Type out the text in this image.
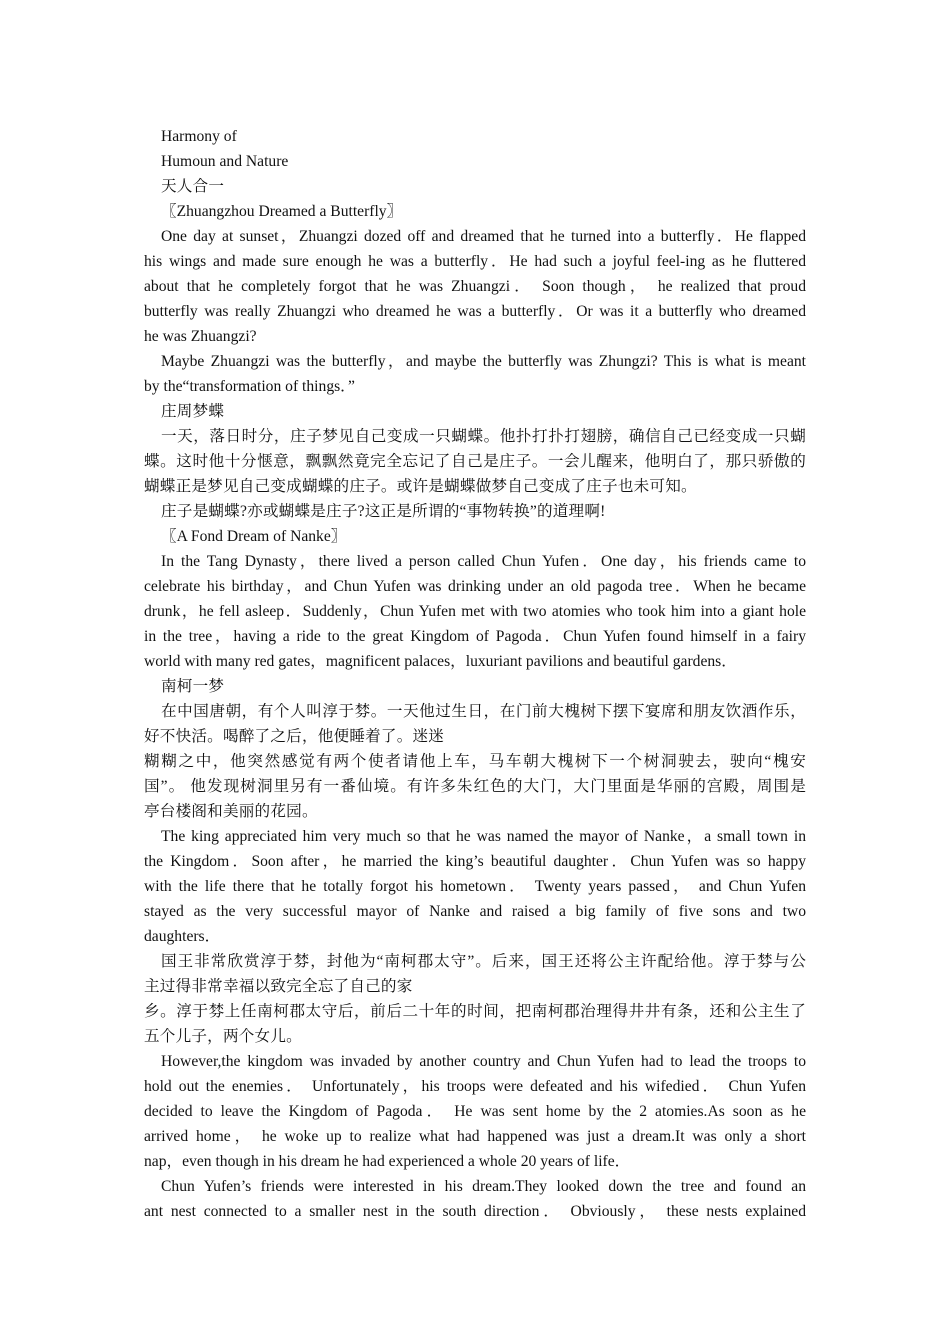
Harmony of
Humoun and Nature
天人合一
〖Zhuangzhou Dreamed a Butterfly〗
One day at sunset，Zhuangzi dozed off and dreamed that he turned into a butterfly．He flapped
his wings and made sure enough he was a butterfly．He had such a joyful feel-ing as he fluttered
about that he completely forgot that he was Zhuangzi． Soon though， he realized that proud
butterfly was really Zhuangzi who dreamed he was a butterfly．Or was it a butterfly who dreamed
he was Zhuangzi?
Maybe Zhuangzi was the butterfly，and maybe the butterfly was Zhungzi? This is what is meant
by the“transformation of things．”
庄周梦蝶
一天，落日时分，庄子梦见自己变成一只蝴蝶。他扑打扑打翅膀，确信自己已经变成一只蝴
蝶。这时他十分惬意，飘飘然竟完全忘记了自己是庄子。一会儿醒来，他明白了，那只骄傲的
蝴蝶正是梦见自己变成蝴蝶的庄子。或许是蝴蝶做梦自己变成了庄子也未可知。
庄子是蝴蝶?亦或蝴蝶是庄子?这正是所谓的“事物转换”的道理啊!
〖A Fond Dream of Nanke〗
In the Tang Dynasty，there lived a person called Chun Yufen．One day，his friends came to
celebrate his birthday，and Chun Yufen was drinking under an old pagoda tree．When he became
drunk，he fell asleep．Suddenly，Chun Yufen met with two atomies who took him into a giant hole
in the tree，having a ride to the great Kingdom of Pagoda．Chun Yufen found himself in a fairy
world with many red gates，magnificent palaces，luxuriant pavilions and beautiful gardens．
南柯一梦
在中国唐朝，有个人叫淳于棼。一天他过生日，在门前大槐树下摆下宴席和朋友饮酒作乐，
好不快活。喝醉了之后，他便睡着了。迷迷
糊糊之中，他突然感觉有两个使者请他上车，马车朝大槐树下一个树洞驶去，驶向“槐安
国”。 他发现树洞里另有一番仙境。有许多朱红色的大门，大门里面是华丽的宫殿，周围是
亭台楼阁和美丽的花园。
The king appreciated him very much so that he was named the mayor of Nanke，a small town in
the Kingdom．Soon after，he married the king’s beautiful daughter．Chun Yufen was so happy
with the life there that he totally forgot his hometown． Twenty years passed， and Chun Yufen
stayed as the very successful mayor of Nanke and raised a big family of five sons and two
daughters．
国王非常欣赏淳于棼，封他为“南柯郡太守”。后来，国王还将公主许配给他。淳于棼与公
主过得非常幸福以致完全忘了自己的家
乡。淳于棼上任南柯郡太守后，前后二十年的时间，把南柯郡治理得井井有条，还和公主生了
五个儿子，两个女儿。
However,the kingdom was invaded by another country and Chun Yufen had to lead the troops to
hold out the enemies． Unfortunately，his troops were defeated and his wifedied． Chun Yufen
decided to leave the Kingdom of Pagoda． He was sent home by the 2 atomies.As soon as he
arrived home， he woke up to realize what had happened was just a dream.It was only a short
nap，even though in his dream he had experienced a whole 20 years of life．
Chun Yufen’s friends were interested in his dream.They looked down the tree and found an
ant nest connected to a smaller nest in the south direction． Obviously， these nests explained
